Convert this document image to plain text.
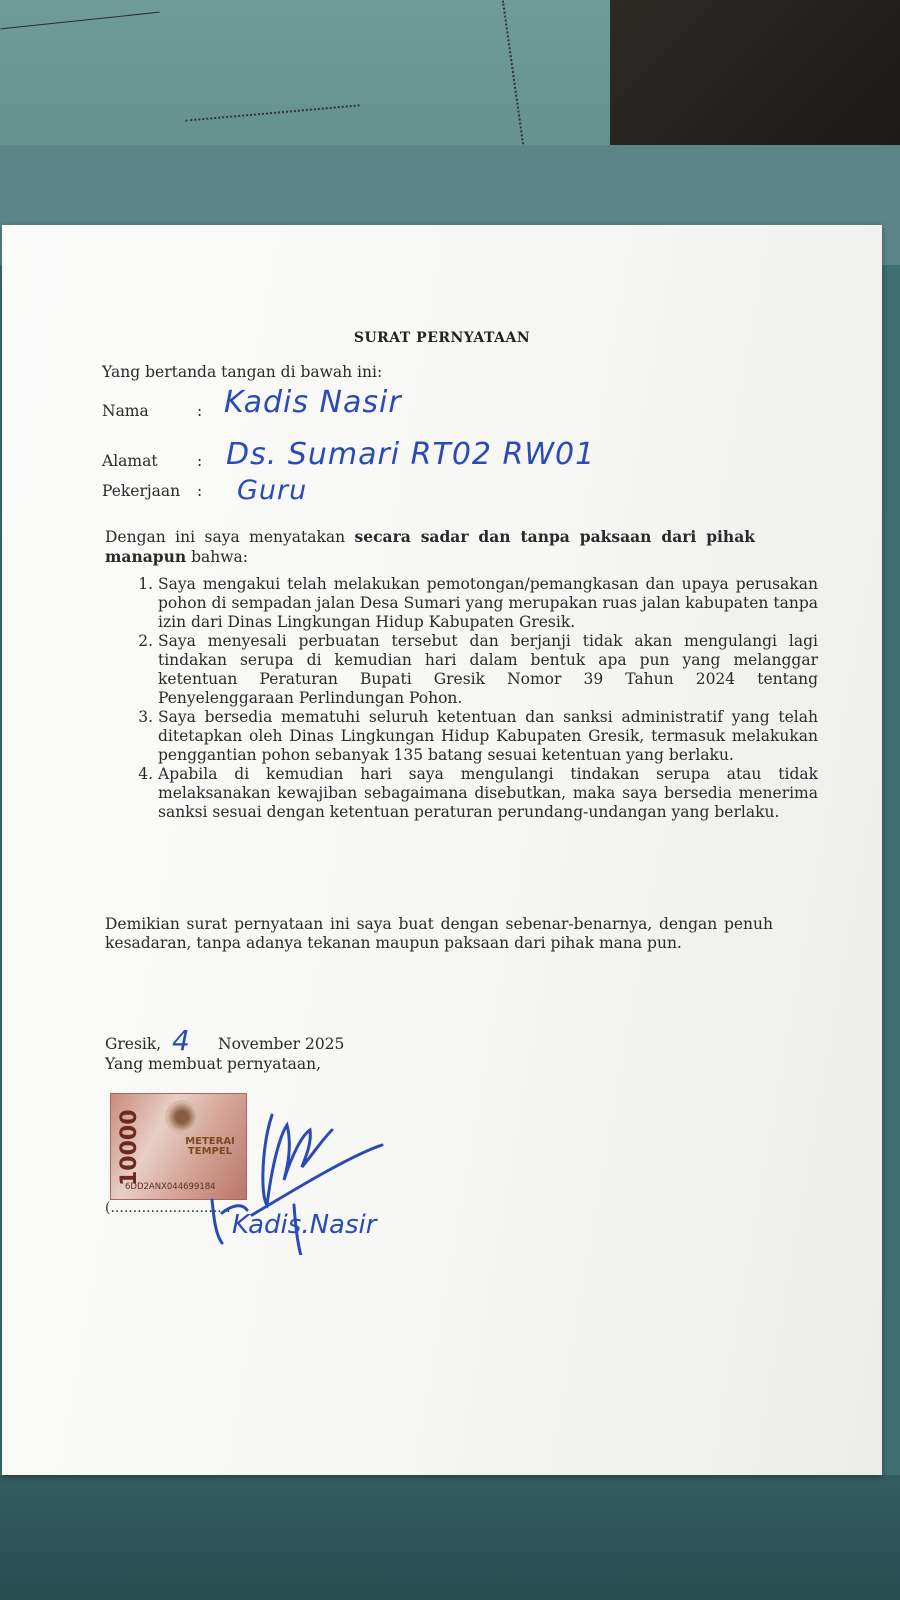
SURAT PERNYATAAN
Yang bertanda tangan di bawah ini:
Nama	: Kadis Nasir
Alamat	: Ds. Sumari RT02 RW01
Pekerjaan	: Guru
Dengan ini saya menyatakan secara sadar dan tanpa paksaan dari pihak manapun bahwa:
1. Saya mengakui telah melakukan pemotongan/pemangkasan dan upaya perusakan pohon di sempadan jalan Desa Sumari yang merupakan ruas jalan kabupaten tanpa izin dari Dinas Lingkungan Hidup Kabupaten Gresik.
2. Saya menyesali perbuatan tersebut dan berjanji tidak akan mengulangi lagi tindakan serupa di kemudian hari dalam bentuk apa pun yang melanggar ketentuan Peraturan Bupati Gresik Nomor 39 Tahun 2024 tentang Penyelenggaraan Perlindungan Pohon.
3. Saya bersedia mematuhi seluruh ketentuan dan sanksi administratif yang telah ditetapkan oleh Dinas Lingkungan Hidup Kabupaten Gresik, termasuk melakukan penggantian pohon sebanyak 135 batang sesuai ketentuan yang berlaku.
4. Apabila di kemudian hari saya mengulangi tindakan serupa atau tidak melaksanakan kewajiban sebagaimana disebutkan, maka saya bersedia menerima sanksi sesuai dengan ketentuan peraturan perundang-undangan yang berlaku.
Demikian surat pernyataan ini saya buat dengan sebenar-benarnya, dengan penuh kesadaran, tanpa adanya tekanan maupun paksaan dari pihak mana pun.
Gresik, 4 November 2025
Yang membuat pernyataan,
10000	METERAI
TEMPEL
6DD2ANX044699184
(...........................
Kadis.Nasir
